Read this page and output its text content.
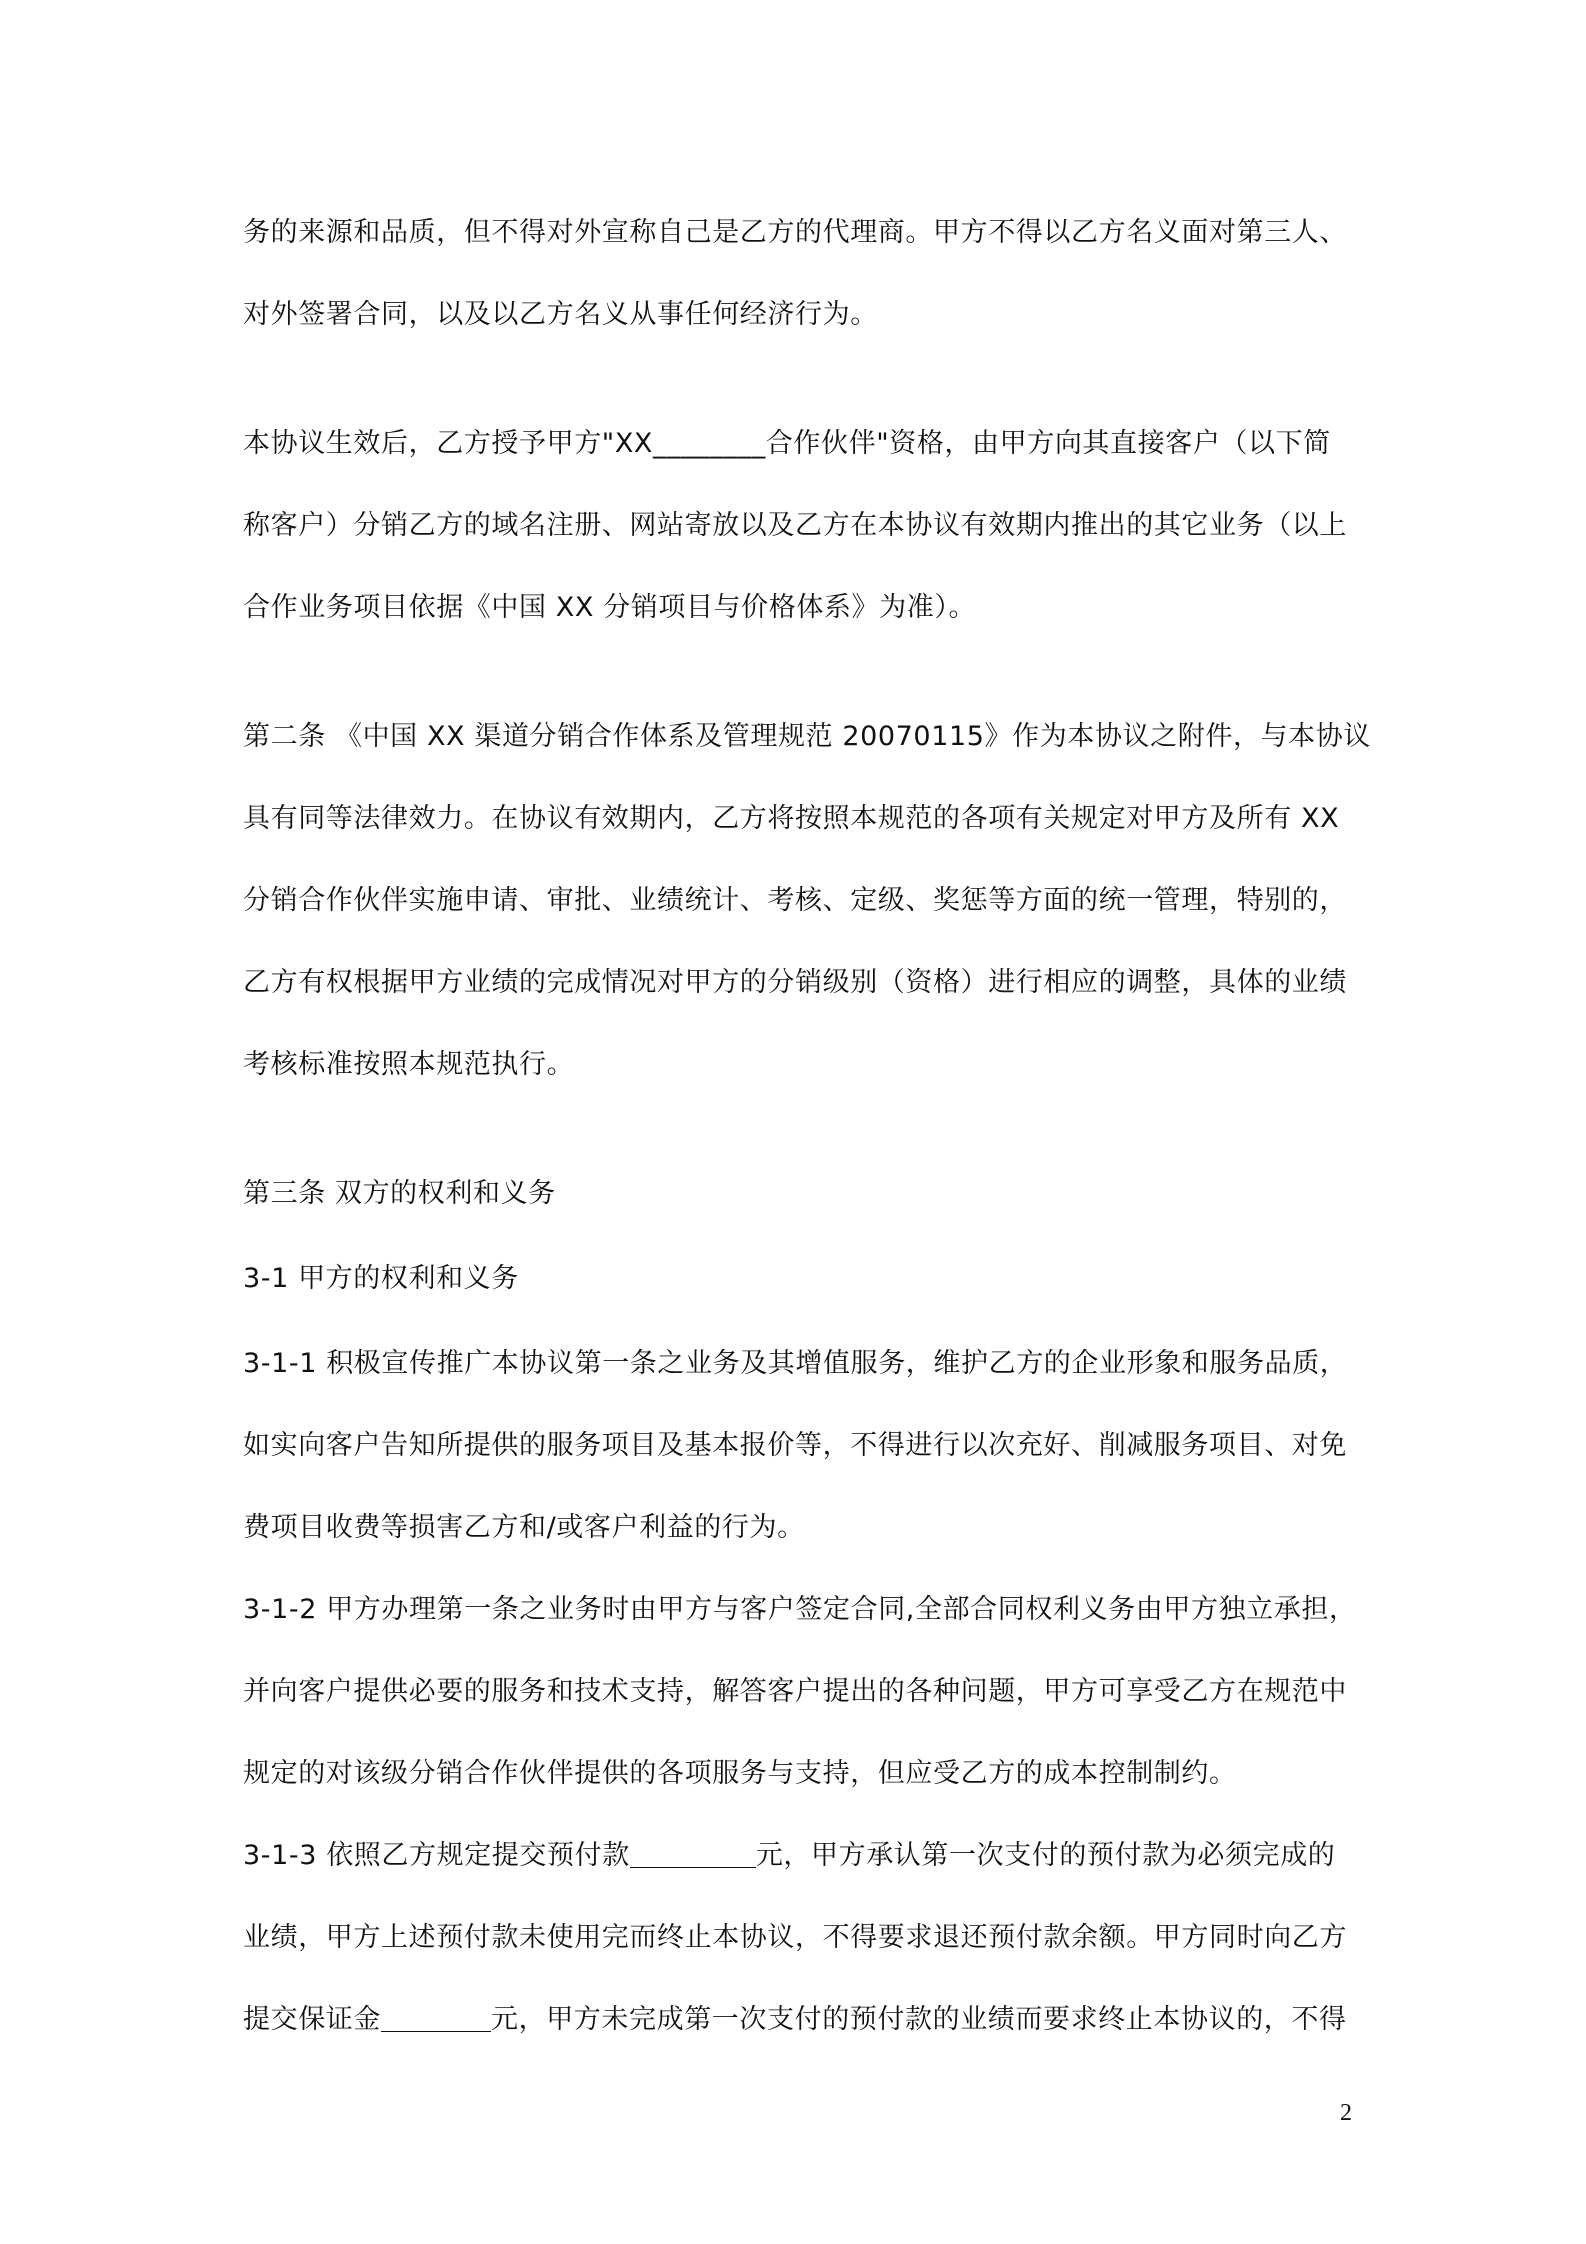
务的来源和品质，但不得对外宣称自己是乙方的代理商。甲方不得以乙方名义面对第三人、
对外签署合同，以及以乙方名义从事任何经济行为。
本协议生效后，乙方授予甲方"XX________合作伙伴"资格，由甲方向其直接客户（以下简
称客户）分销乙方的域名注册、网站寄放以及乙方在本协议有效期内推出的其它业务（以上
合作业务项目依据《中国 XX 分销项目与价格体系》为准）。
第二条 《中国 XX 渠道分销合作体系及管理规范 20070115》作为本协议之附件，与本协议
具有同等法律效力。在协议有效期内，乙方将按照本规范的各项有关规定对甲方及所有 XX
分销合作伙伴实施申请、审批、业绩统计、考核、定级、奖惩等方面的统一管理，特别的，
乙方有权根据甲方业绩的完成情况对甲方的分销级别（资格）进行相应的调整，具体的业绩
考核标准按照本规范执行。
第三条 双方的权利和义务
3-1 甲方的权利和义务
3-1-1 积极宣传推广本协议第一条之业务及其增值服务，维护乙方的企业形象和服务品质，
如实向客户告知所提供的服务项目及基本报价等，不得进行以次充好、削减服务项目、对免
费项目收费等损害乙方和/或客户利益的行为。
3-1-2 甲方办理第一条之业务时由甲方与客户签定合同,全部合同权利义务由甲方独立承担，
并向客户提供必要的服务和技术支持，解答客户提出的各种问题，甲方可享受乙方在规范中
规定的对该级分销合作伙伴提供的各项服务与支持，但应受乙方的成本控制制约。
3-1-3 依照乙方规定提交预付款	元，甲方承认第一次支付的预付款为必须完成的
业绩，甲方上述预付款未使用完而终止本协议，不得要求退还预付款余额。甲方同时向乙方
提交保证金	元，甲方未完成第一次支付的预付款的业绩而要求终止本协议的，不得
2
